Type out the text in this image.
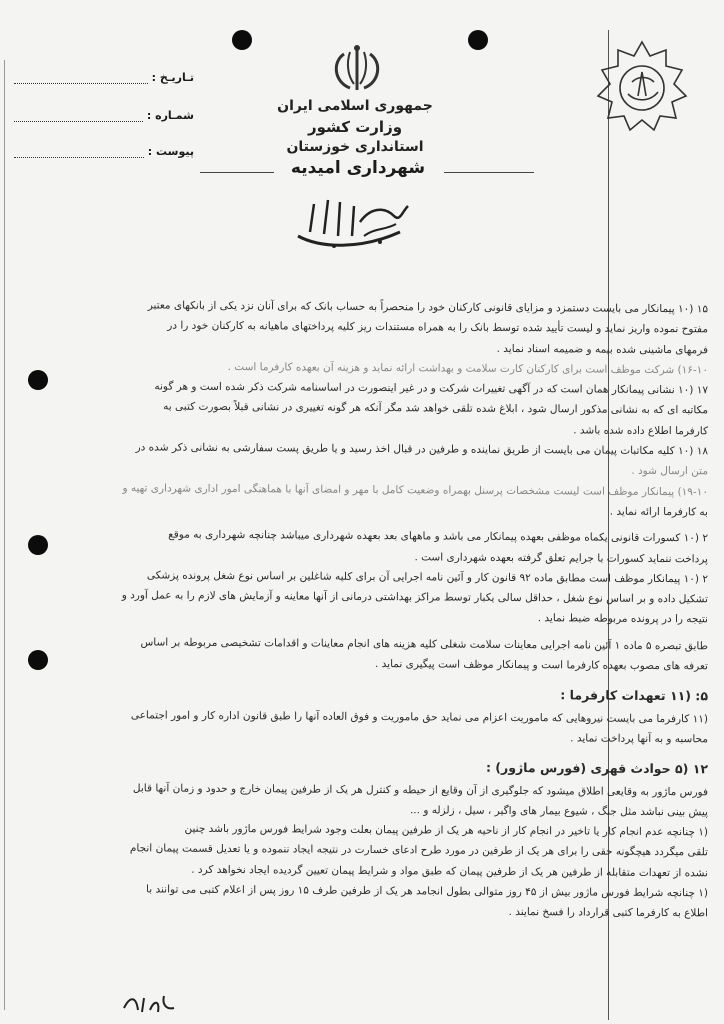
تـاریـخ :
شمـاره :
پیوست :
جمهوری اسلامی ایران
وزارت کشور
استانداری خوزستان
شهرداری امیدیه

۱۵ (۱۰ پیمانکار می بایست دستمزد و مزایای قانونی کارکنان خود را منحصراً به حساب بانک که برای آنان نزد یکی از بانکهای معتبر

مفتوح نموده واریز نماید و لیست تأیید شده توسط بانک را به همراه مستندات ریز کلیه پرداختهای ماهیانه به کارکنان خود را در

فرمهای ماشینی شده بیمه و ضمیمه اسناد نماید .

۱۶-۱۰) شرکت موظف است برای کارکنان کارت سلامت و بهداشت ارائه نماید و هزینه آن بعهده کارفرما است .

۱۷ (۱۰ نشانی پیمانکار همان است که در آگهی تغییرات شرکت و در غیر اینصورت در اساسنامه شرکت ذکر شده است و هر گونه

مکاتبه ای که به نشانی مذکور ارسال شود ، ابلاغ شده تلقی خواهد شد مگر آنکه هر گونه تغییری در نشانی قبلاً بصورت کتبی به

کارفرما اطلاع داده شده باشد .

۱۸ (۱۰ کلیه مکاتبات پیمان می بایست از طریق نماینده و طرفین در قبال اخذ رسید و یا طریق پست سفارشی به نشانی ذکر شده در

متن ارسال شود .

۱۹-۱۰) پیمانکار موظف است لیست مشخصات پرسنل بهمراه وضعیت کامل با مهر و امضای آنها با هماهنگی امور اداری شهرداری تهیه و

به کارفرما ارائه نماید .

۲ (۱۰ کسورات قانونی یکماه موظفی بعهده پیمانکار می باشد و ماههای بعد بعهده شهرداری میباشد چنانچه شهرداری به موقع

پرداخت ننماید کسورات با جرایم تعلق گرفته بعهده شهرداری است .

۲ (۱۰ پیمانکار موظف است مطابق ماده ۹۲ قانون کار و آئین نامه اجرایی آن برای کلیه شاغلین بر اساس نوع شغل پرونده پزشکی

تشکیل داده و بر اساس نوع شغل ، حداقل سالی یکبار توسط مراکز بهداشتی درمانی از آنها معاینه و آزمایش های لازم را به عمل آورد و

نتیجه را در پرونده مربوطه ضبط نماید .

طابق تبصره ۵ ماده ۱ آئین نامه اجرایی معاینات سلامت شغلی کلیه هزینه های انجام معاینات و اقدامات تشخیصی مربوطه بر اساس

تعرفه های مصوب بعهده کارفرما است و پیمانکار موظف است پیگیری نماید .

۵: (۱۱ تعهدات کارفرما :

(۱۱ کارفرما می بایست نیروهایی که ماموریت اعزام می نماید حق ماموریت و فوق العاده آنها را طبق قانون اداره کار و امور اجتماعی

محاسبه و به آنها پرداخت نماید .

۱۲ (۵ حوادث قهری (فورس ماژور) :

فورس ماژور به وقایعی اطلاق میشود که جلوگیری از آن وقایع از حیطه و کنترل هر یک از طرفین پیمان خارج و حدود و زمان آنها قابل

پیش بینی نباشد مثل جنگ ، شیوع بیمار های واگیر ، سیل ، زلزله و ...

(۱ چنانچه عدم انجام کار یا تاخیر در انجام کار از ناحیه هر یک از طرفین پیمان بعلت وجود شرایط فورس ماژور باشد چنین

تلقی میگردد هیچگونه حقی را برای هر یک از طرفین در مورد طرح ادعای خسارت در نتیجه ایجاد ننموده و یا تعدیل قسمت پیمان انجام

نشده از تعهدات متقابله از طرفین هر یک از طرفین پیمان که طبق مواد و شرایط پیمان تعیین گردیده ایجاد نخواهد کرد .

(۱ چنانچه شرایط فورس ماژور بیش از ۴۵ روز متوالی بطول انجامد هر یک از طرفین طرف ۱۵ روز پس از اعلام کتبی می توانند با

اطلاع به کارفرما کتبی قرارداد را فسخ نمایند .
